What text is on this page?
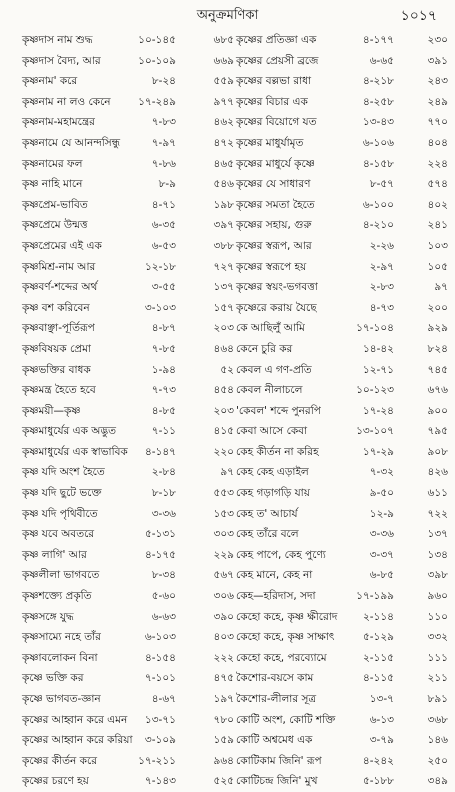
অনুক্রমণিকা	১০১৭
কৃষ্ণদাস নাম শুদ্ধ	১০-১৪৫	৬৮৫
কৃষ্ণদাস বৈদ্য, আর	১০-১০৯	৬৬৯
কৃষ্ণনাম' করে	৮-২৪	৫৫৯
কৃষ্ণনাম না লও কেনে	১৭-২৪৯	৯৭৭
কৃষ্ণনাম-মহামন্ত্রের	৭-৮৩	৪৬২
কৃষ্ণনামে যে আনন্দসিন্ধু	৭-৯৭	৪৭২
কৃষ্ণনামের ফল	৭-৮৬	৪৬৫
কৃষ্ণ নাহি মানে	৮-৯	৫৪৬
কৃষ্ণপ্রেম-ভাবিত	৪-৭১	১৯৮
কৃষ্ণপ্রেমে উন্মত্ত	৬-৩৫	৩৯৭
কৃষ্ণপ্রেমের এই এক	৬-৫৩	৩৮৮
কৃষ্ণমিশ্র-নাম আর	১২-১৮	৭২৭
কৃষ্ণবর্ণ-শব্দের অর্থ	৩-৫৫	১৩৭
কৃষ্ণ বশ করিবেন	৩-১০৩	১৫৭
কৃষ্ণবাঞ্ছা-পূর্তিরূপ	৪-৮৭	২০৩
কৃষ্ণবিষয়ক প্রেমা	৭-৮৫	৪৬৪
কৃষ্ণভক্তির বাধক	১-৯৪	৫২
কৃষ্ণমন্ত্র হৈতে হবে	৭-৭৩	৪৫৪
কৃষ্ণময়ী—কৃষ্ণ	৪-৮৫	২০৩
কৃষ্ণমাধুর্যের এক অদ্ভুত	৭-১১	৪১৫
কৃষ্ণমাধুর্যের এক স্বাভাবিক ৪-১৪৭	২২০
কৃষ্ণ যদি অংশ হৈতে	২-৮৪	৯৭
কৃষ্ণ যদি ছুটে ভক্তে	৮-১৮	৫৫৩
কৃষ্ণ যদি পৃথিবীতে	৩-৩৬	১৫৩
কৃষ্ণ যবে অবতরে	৫-১৩১	৩০৩
কৃষ্ণ লাগি' আর	৪-১৭৫	২২৯
কৃষ্ণলীলা ভাগবতে	৮-৩৪	৫৬৭
কৃষ্ণশক্ত্যে প্রকৃতি	৫-৬০	৩০৬
কৃষ্ণসঙ্গে যুদ্ধ	৬-৬৩	৩৯০
কৃষ্ণসাম্যে নহে তাঁর	৬-১০৩	৪০৩
কৃষ্ণাবলোকন বিনা	৪-১৫৪	২২২
কৃষ্ণে ভক্তি কর	৭-১০১	৪৭৫
কৃষ্ণে ভাগবত-জ্ঞান	৪-৬৭	১৯৭
কৃষ্ণের আহ্বান করে এমন ১৩-৭১	৭৮০
কৃষ্ণের আহ্বান করে করিয়া ৩-১০৯	১৫৯
কৃষ্ণের কীর্তন করে	১৭-২১১	৯৬৪
কৃষ্ণের চরণে হয়	৭-১৪৩	৫২৫
কৃষ্ণের প্রতিজ্ঞা এক	৪-১৭৭	২৩০
কৃষ্ণের প্রেয়সী ব্রজে	৬-৬৫	৩৯১
কৃষ্ণের বল্লভা রাধা	৪-২১৮	২৪৩
কৃষ্ণের বিচার এক	৪-২৫৮	২৪৯
কৃষ্ণের বিয়োগে যত	১৩-৪৩	৭৭০
কৃষ্ণের মাধুর্যামৃত	৬-১০৬	৪০৪
কৃষ্ণের মাধুর্যে কৃষ্ণে	৪-১৫৮	২২৪
কৃষ্ণের যে সাধারণ	৮-৫৭	৫৭৪
কৃষ্ণের সমতা হৈতে	৬-১০০	৪০২
কৃষ্ণের সহায়, গুরু	৪-২১০	২৪১
কৃষ্ণের স্বরূপ, আর	২-২৬	১০৩
কৃষ্ণের স্বরূপে হয়	২-৯৭	১০৫
কৃষ্ণের স্বয়ং-ভগবত্তা	২-৮৩	৯৭
কৃষ্ণেরে করায় যৈছে	৪-৭৩	২০০
কে আছিলুঁ আমি	১৭-১০৪	৯২৯
কেনে চুরি কর	১৪-৪২	৮২৪
কেবল এ গণ-প্রতি	১২-৭১	৭৪৫
কেবল নীলাচলে	১০-১২৩	৬৭৬
'কেবল' শব্দে পুনরপি	১৭-২৪	৯০০
কেবা আসে কেবা	১৩-১০৭	৭৯৫
কেহ কীর্তন না করিহ	১৭-২৯	৯০৮
কেহ কেহ এড়াইল	৭-৩২	৪২৬
কেহ গড়াগড়ি যায়	৯-৫০	৬১১
কেহ ত' আচার্য	১২-৯	৭২২
কেহ তাঁরে বলে	৩-৩৬	১৩৭
কেহ পাপে, কেহ পুণ্যে	৩-৩৭	১৩৪
কেহ মানে, কেহ না	৬-৮৫	৩৯৮
কেহ—হরিদাস, সদা	১৭-১৯৯	৯৬০
কেহো কহে, কৃষ্ণ ক্ষীরোদ ২-১১৪	১১০
কেহো কহে, কৃষ্ণ সাক্ষাৎ	৫-১২৯	৩৩২
কেহো কহে, পরব্যোমে	২-১১৫	১১১
কৈশোর-বয়সে কাম	৪-১১৫	২১১
কৈশোর-লীলার সূত্র	১৩-৭	৮৯১
কোটি অংশ, কোটি শক্তি	৬-১৩	৩৬৮
কোটি অশ্বমেধ এক	৩-৭৯	১৪৬
কোটিকাম জিনি' রূপ	৪-২৪২	২৫০
কোটিচন্দ্র জিনি' মুখ	৫-১৮৮	৩৪৯
